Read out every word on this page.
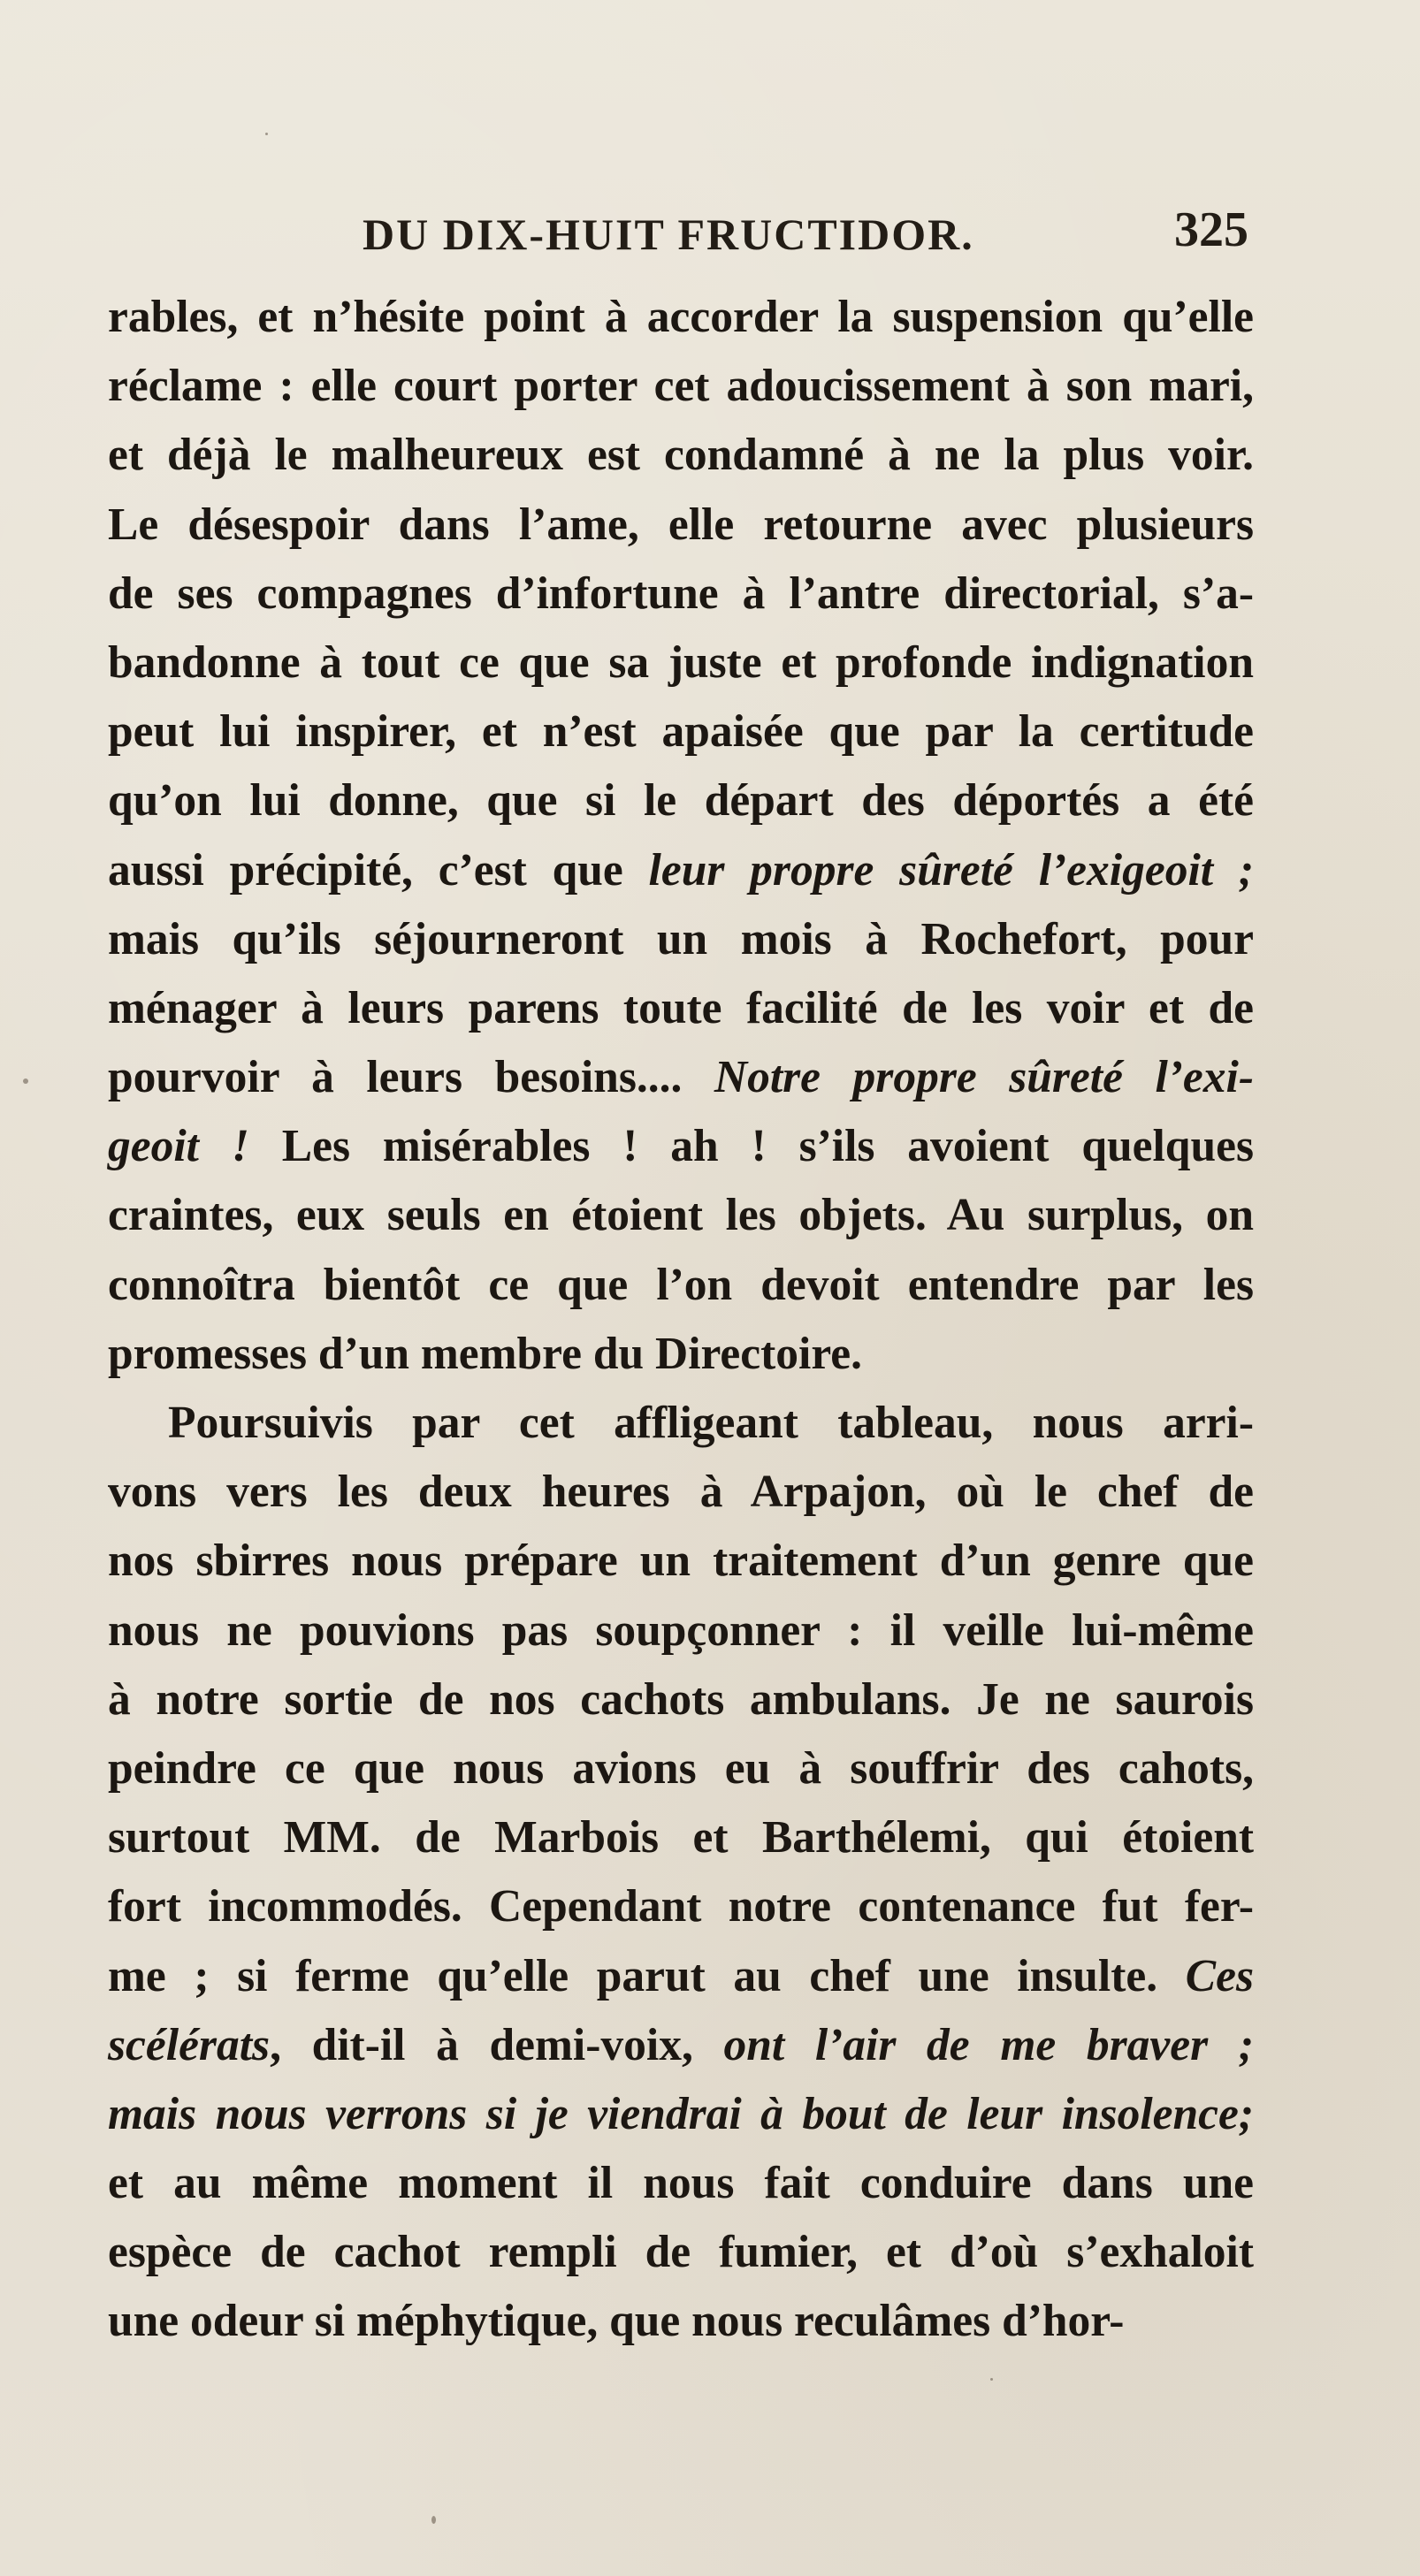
DU DIX-HUIT FRUCTIDOR.	325
rables, et n’hésite point à accorder la suspension qu’elle
réclame : elle court porter cet adoucissement à son mari,
et déjà le malheureux est condamné à ne la plus voir.
Le désespoir dans l’ame, elle retourne avec plusieurs
de ses compagnes d’infortune à l’antre directorial, s’a-
bandonne à tout ce que sa juste et profonde indignation
peut lui inspirer, et n’est apaisée que par la certitude
qu’on lui donne, que si le départ des déportés a été
aussi précipité, c’est que leur propre sûreté l’exigeoit ;
mais qu’ils séjourneront un mois à Rochefort, pour
ménager à leurs parens toute facilité de les voir et de
pourvoir à leurs besoins.... Notre propre sûreté l’exi-
geoit ! Les misérables ! ah ! s’ils avoient quelques
craintes, eux seuls en étoient les objets. Au surplus, on
connoîtra bientôt ce que l’on devoit entendre par les
promesses d’un membre du Directoire.
Poursuivis par cet affligeant tableau, nous arri-
vons vers les deux heures à Arpajon, où le chef de
nos sbirres nous prépare un traitement d’un genre que
nous ne pouvions pas soupçonner : il veille lui-même
à notre sortie de nos cachots ambulans. Je ne saurois
peindre ce que nous avions eu à souffrir des cahots,
surtout MM. de Marbois et Barthélemi, qui étoient
fort incommodés. Cependant notre contenance fut fer-
me ; si ferme qu’elle parut au chef une insulte. Ces
scélérats, dit-il à demi-voix, ont l’air de me braver ;
mais nous verrons si je viendrai à bout de leur insolence;
et au même moment il nous fait conduire dans une
espèce de cachot rempli de fumier, et d’où s’exhaloit
une odeur si méphytique, que nous reculâmes d’hor-
